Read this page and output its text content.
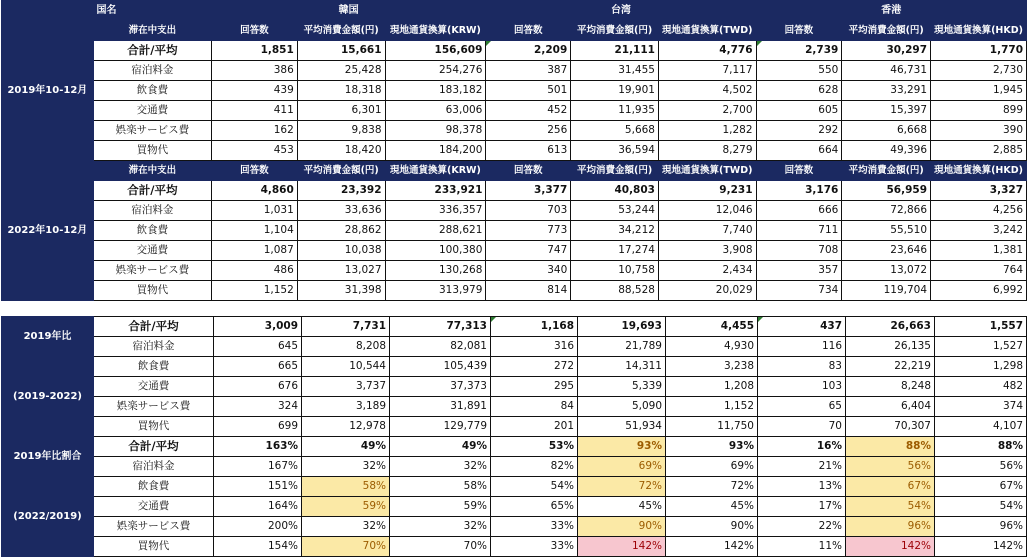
国名		韓国			台湾			香港		
2019年10-12月	滞在中支出	回答数	平均消費金額(円)	現地通貨換算(KRW)	回答数	平均消費金額(円)	現地通貨換算(TWD)	回答数	平均消費金額(円)	現地通貨換算(HKD)
	合計/平均	1,851	15,661	156,609	2,209	21,111	4,776	2,739	30,297	1,770
	宿泊料金	386	25,428	254,276	387	31,455	7,117	550	46,731	2,730
	飲食費	439	18,318	183,182	501	19,901	4,502	628	33,291	1,945
	交通費	411	6,301	63,006	452	11,935	2,700	605	15,397	899
	娯楽サービス費	162	9,838	98,378	256	5,668	1,282	292	6,668	390
	買物代	453	18,420	184,200	613	36,594	8,279	664	49,396	2,885
2022年10-12月	滞在中支出	回答数	平均消費金額(円)	現地通貨換算(KRW)	回答数	平均消費金額(円)	現地通貨換算(TWD)	回答数	平均消費金額(円)	現地通貨換算(HKD)
	合計/平均	4,860	23,392	233,921	3,377	40,803	9,231	3,176	56,959	3,327
	宿泊料金	1,031	33,636	336,357	703	53,244	12,046	666	72,866	4,256
	飲食費	1,104	28,862	288,621	773	34,212	7,740	711	55,510	3,242
	交通費	1,087	10,038	100,380	747	17,274	3,908	708	23,646	1,381
	娯楽サービス費	486	13,027	130,268	340	10,758	2,434	357	13,072	764
	買物代	1,152	31,398	313,979	814	88,528	20,029	734	119,704	6,992
2019年比	合計/平均	3,009	7,731	77,313	1,168	19,693	4,455	437	26,663	1,557
	宿泊料金	645	8,208	82,081	316	21,789	4,930	116	26,135	1,527
(2019-2022)	飲食費	665	10,544	105,439	272	14,311	3,238	83	22,219	1,298
	交通費	676	3,737	37,373	295	5,339	1,208	103	8,248	482
	娯楽サービス費	324	3,189	31,891	84	5,090	1,152	65	6,404	374
	買物代	699	12,978	129,779	201	51,934	11,750	70	70,307	4,107
2019年比割合	合計/平均	163%	49%	49%	53%	93%	93%	16%	88%	88%
	宿泊料金	167%	32%	32%	82%	69%	69%	21%	56%	56%
(2022/2019)	飲食費	151%	58%	58%	54%	72%	72%	13%	67%	67%
	交通費	164%	59%	59%	65%	45%	45%	17%	54%	54%
	娯楽サービス費	200%	32%	32%	33%	90%	90%	22%	96%	96%
	買物代	154%	70%	70%	33%	142%	142%	11%	142%	142%
